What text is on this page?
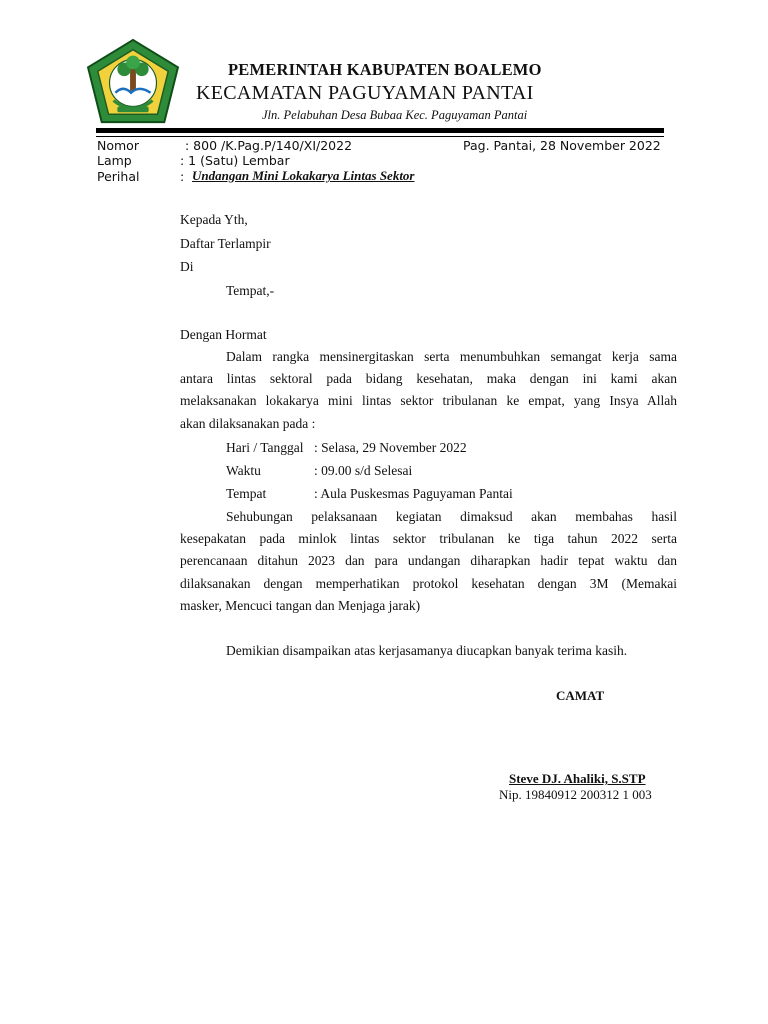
PEMERINTAH KABUPATEN BOALEMO
KECAMATAN PAGUYAMAN PANTAI
Jln. Pelabuhan Desa Bubaa Kec. Paguyaman Pantai
Nomor	: 800 /K.Pag.P/140/XI/2022	Pag. Pantai, 28 November 2022
Lamp	: 1 (Satu) Lembar
Perihal	: Undangan Mini Lokakarya Lintas Sektor
Kepada Yth,
Daftar Terlampir
Di
Tempat,-
Dengan Hormat
Dalam rangka mensinergitaskan serta menumbuhkan semangat kerja sama
antara lintas sektoral pada bidang kesehatan, maka dengan ini kami akan
melaksanakan lokakarya mini lintas sektor tribulanan ke empat, yang Insya Allah
akan dilaksanakan pada :
Hari / Tanggal : Selasa, 29 November 2022
Waktu	: 09.00 s/d Selesai
Tempat	: Aula Puskesmas Paguyaman Pantai
Sehubungan pelaksanaan kegiatan dimaksud akan membahas hasil
kesepakatan pada minlok lintas sektor tribulanan ke tiga tahun 2022 serta
perencanaan ditahun 2023 dan para undangan diharapkan hadir tepat waktu dan
dilaksanakan dengan memperhatikan protokol kesehatan dengan 3M (Memakai
masker, Mencuci tangan dan Menjaga jarak)
Demikian disampaikan atas kerjasamanya diucapkan banyak terima kasih.
CAMAT
Steve DJ. Ahaliki, S.STP
Nip. 19840912 200312 1 003
